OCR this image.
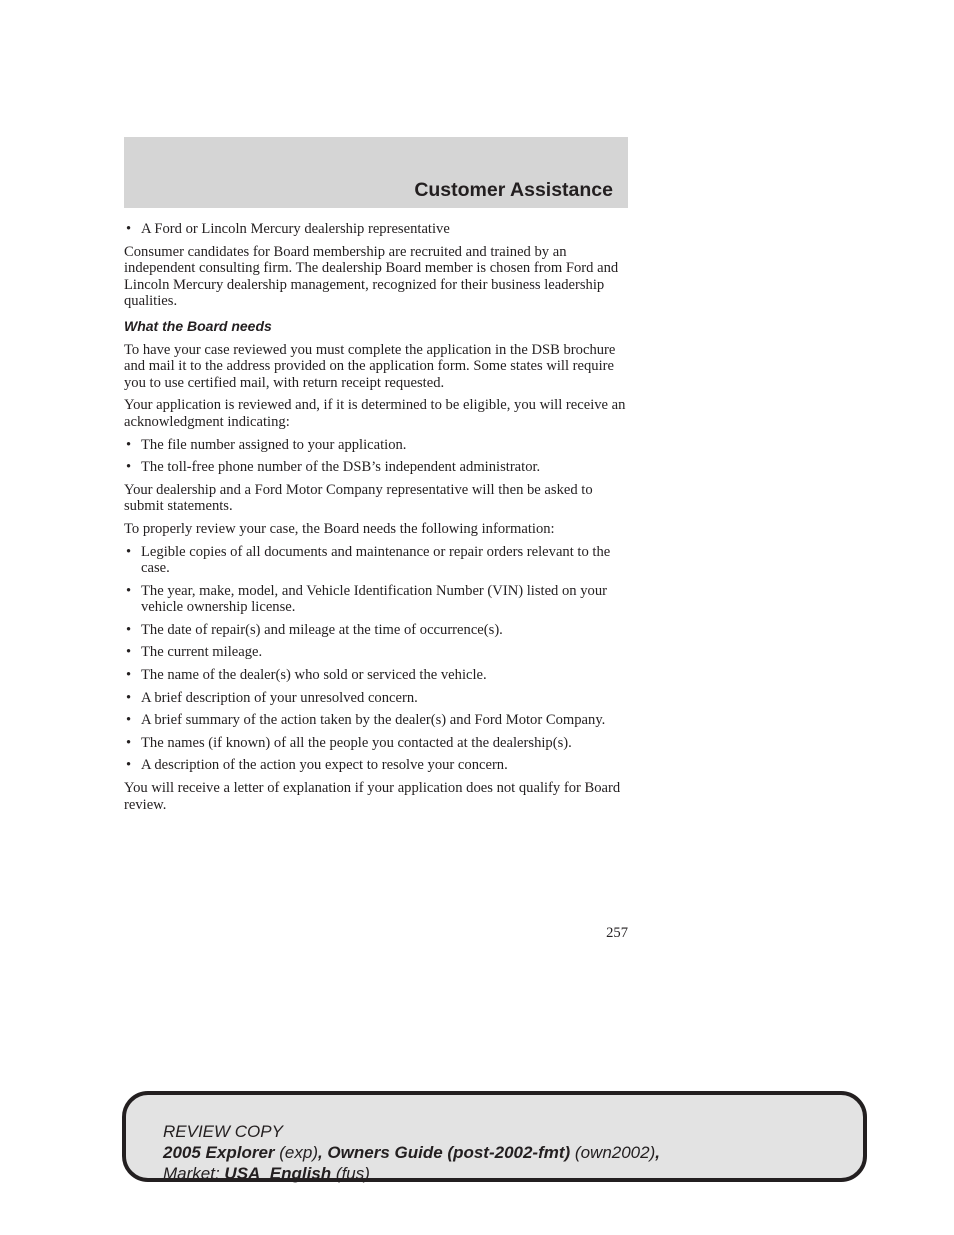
Customer Assistance
• A Ford or Lincoln Mercury dealership representative

Consumer candidates for Board membership are recruited and trained by an independent consulting firm. The dealership Board member is chosen from Ford and Lincoln Mercury dealership management, recognized for their business leadership qualities.

What the Board needs

To have your case reviewed you must complete the application in the DSB brochure and mail it to the address provided on the application form. Some states will require you to use certified mail, with return receipt requested.

Your application is reviewed and, if it is determined to be eligible, you will receive an acknowledgment indicating:

• The file number assigned to your application.
• The toll-free phone number of the DSB’s independent administrator.

Your dealership and a Ford Motor Company representative will then be asked to submit statements.

To properly review your case, the Board needs the following information:

• Legible copies of all documents and maintenance or repair orders relevant to the case.
• The year, make, model, and Vehicle Identification Number (VIN) listed on your vehicle ownership license.
• The date of repair(s) and mileage at the time of occurrence(s).
• The current mileage.
• The name of the dealer(s) who sold or serviced the vehicle.
• A brief description of your unresolved concern.
• A brief summary of the action taken by the dealer(s) and Ford Motor Company.
• The names (if known) of all the people you contacted at the dealership(s).
• A description of the action you expect to resolve your concern.

You will receive a letter of explanation if your application does not qualify for Board review.

257
REVIEW COPY
2005 Explorer (exp), Owners Guide (post-2002-fmt) (own2002),
Market: USA_English (fus)
